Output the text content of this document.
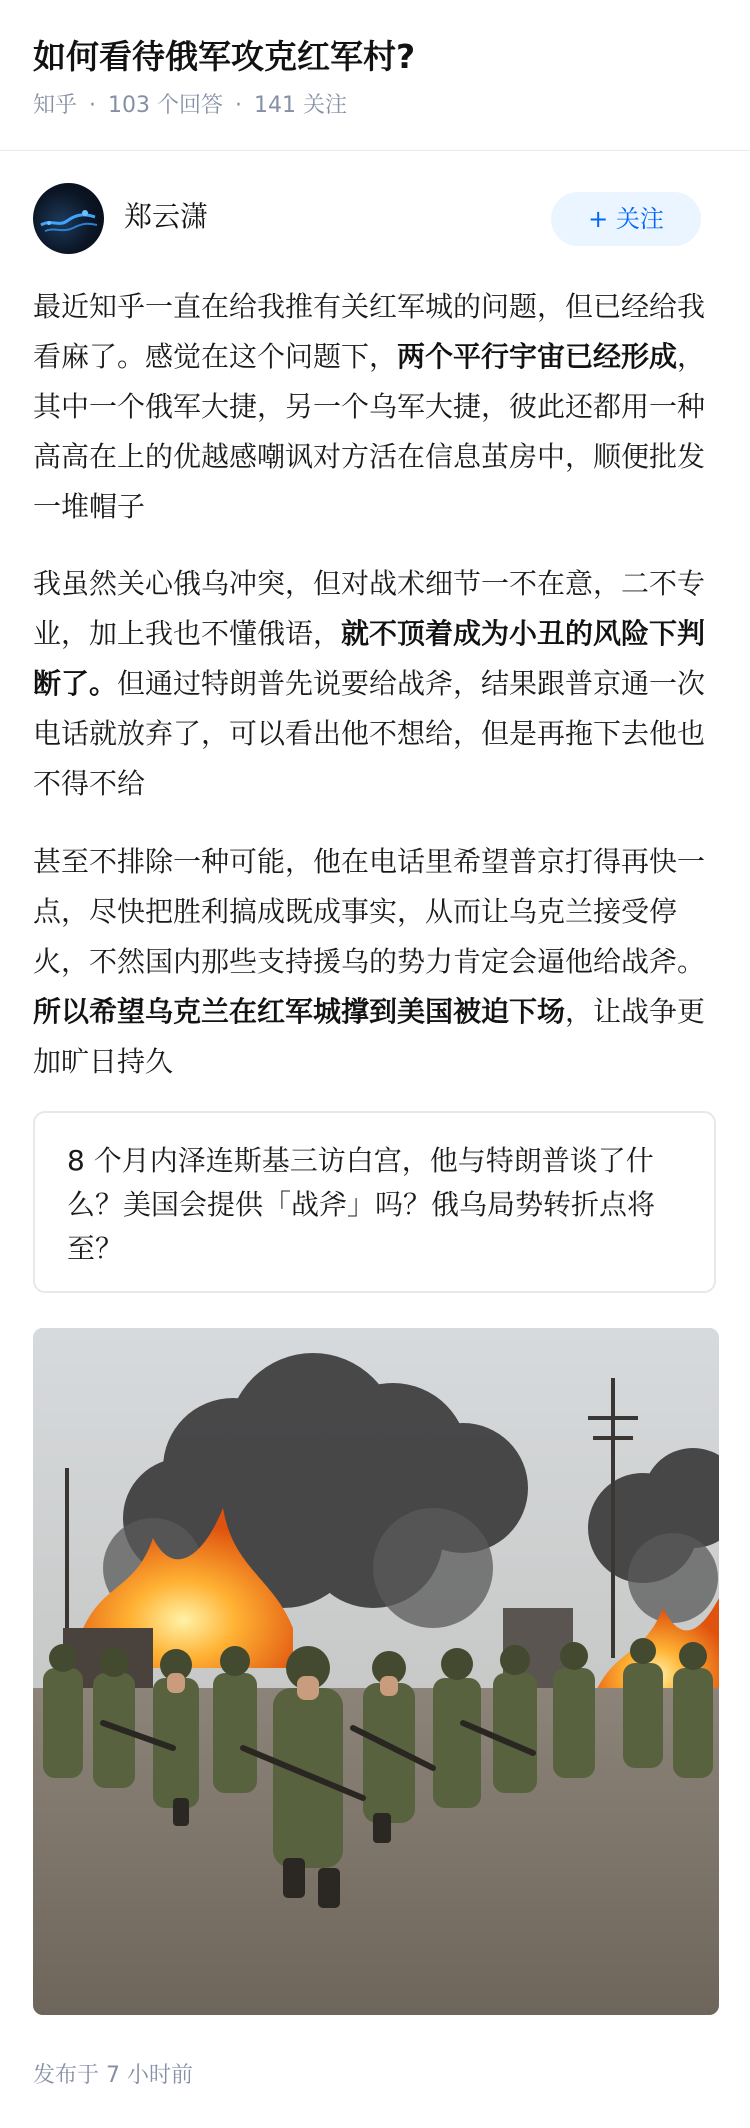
如何看待俄军攻克红军村?
知乎 · 103 个回答 · 141 关注
郑云潇	+ 关注
最近知乎一直在给我推有关红军城的问题，但已经给我看麻了。感觉在这个问题下，两个平行宇宙已经形成，其中一个俄军大捷，另一个乌军大捷，彼此还都用一种高高在上的优越感嘲讽对方活在信息茧房中，顺便批发一堆帽子
我虽然关心俄乌冲突，但对战术细节一不在意，二不专业，加上我也不懂俄语，就不顶着成为小丑的风险下判断了。但通过特朗普先说要给战斧，结果跟普京通一次电话就放弃了，可以看出他不想给，但是再拖下去他也不得不给
甚至不排除一种可能，他在电话里希望普京打得再快一点，尽快把胜利搞成既成事实，从而让乌克兰接受停火，不然国内那些支持援乌的势力肯定会逼他给战斧。所以希望乌克兰在红军城撑到美国被迫下场，让战争更加旷日持久
8 个月内泽连斯基三访白宫，他与特朗普谈了什么？美国会提供「战斧」吗？俄乌局势转折点将至？
发布于 7 小时前
